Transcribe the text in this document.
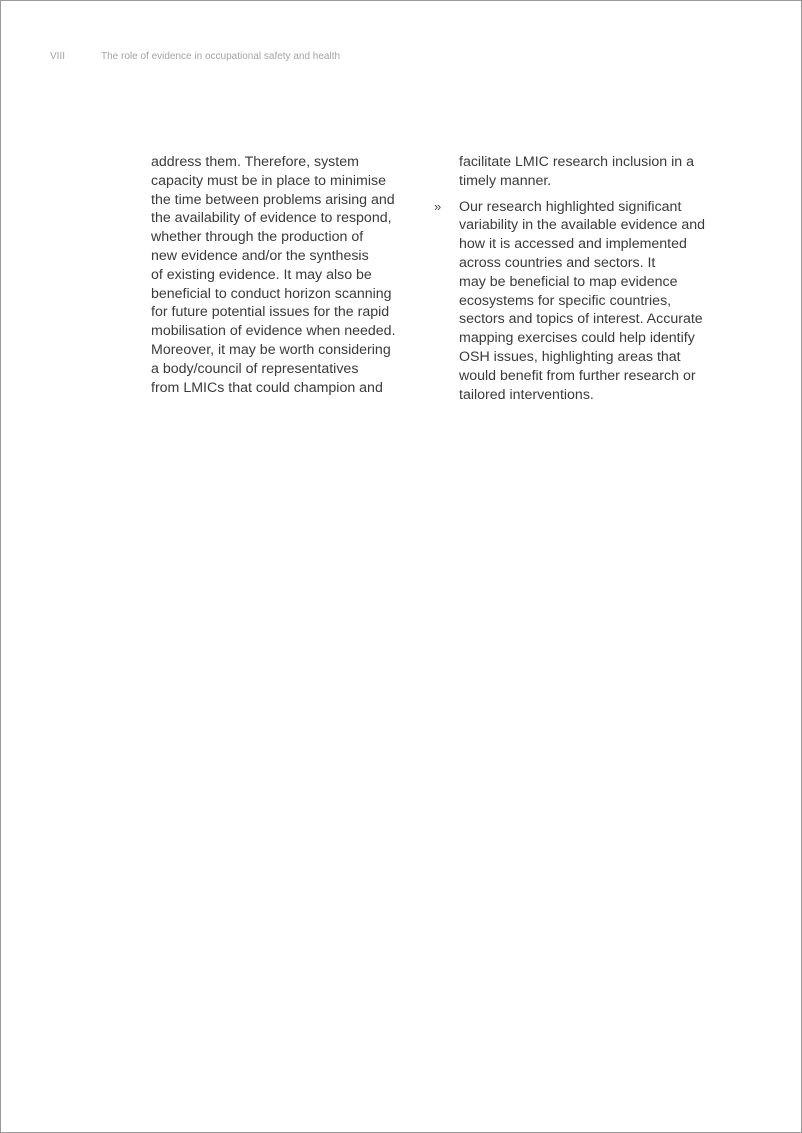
VIII	The role of evidence in occupational safety and health
address them. Therefore, system
capacity must be in place to minimise
the time between problems arising and
the availability of evidence to respond,
whether through the production of
new evidence and/or the synthesis
of existing evidence. It may also be
beneficial to conduct horizon scanning
for future potential issues for the rapid
mobilisation of evidence when needed.
Moreover, it may be worth considering
a body/council of representatives
from LMICs that could champion and
facilitate LMIC research inclusion in a
timely manner.
» Our research highlighted significant
variability in the available evidence and
how it is accessed and implemented
across countries and sectors. It
may be beneficial to map evidence
ecosystems for specific countries,
sectors and topics of interest. Accurate
mapping exercises could help identify
OSH issues, highlighting areas that
would benefit from further research or
tailored interventions.
